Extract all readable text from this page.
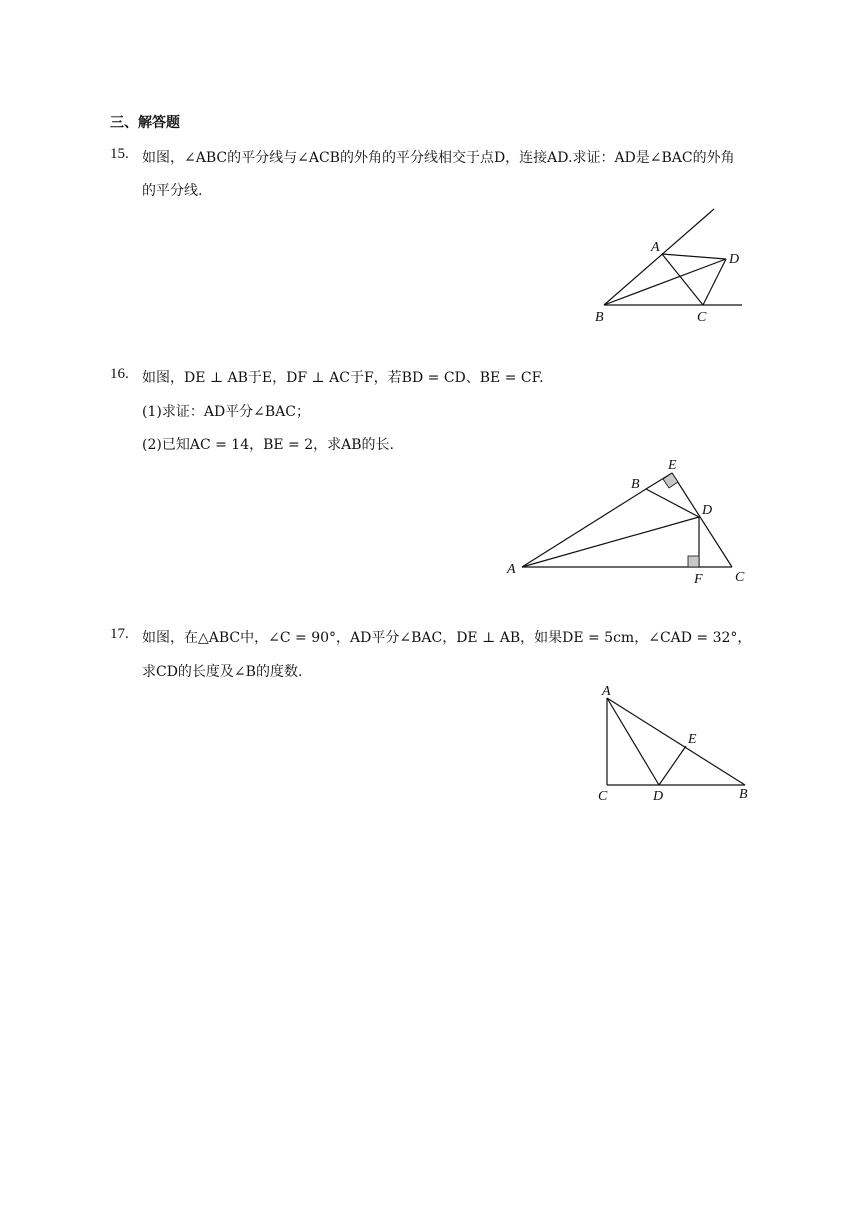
三、解答题
15. 如图，∠ABC的平分线与∠ACB的外角的平分线相交于点D，连接AD.求证：AD是∠BAC的外角
的平分线.
A
D
B	C
16. 如图，DE ⊥ AB于E，DF ⊥ AC于F，若BD = CD、BE = CF.
(1)求证：AD平分∠BAC；
(2)已知AC = 14，BE = 2，求AB的长.
E
B
D
A
F C
17. 如图，在△ABC中，∠C = 90°，AD平分∠BAC，DE ⊥ AB，如果DE = 5cm，∠CAD = 32°，
求CD的长度及∠B的度数.
A
E
C	D	B
